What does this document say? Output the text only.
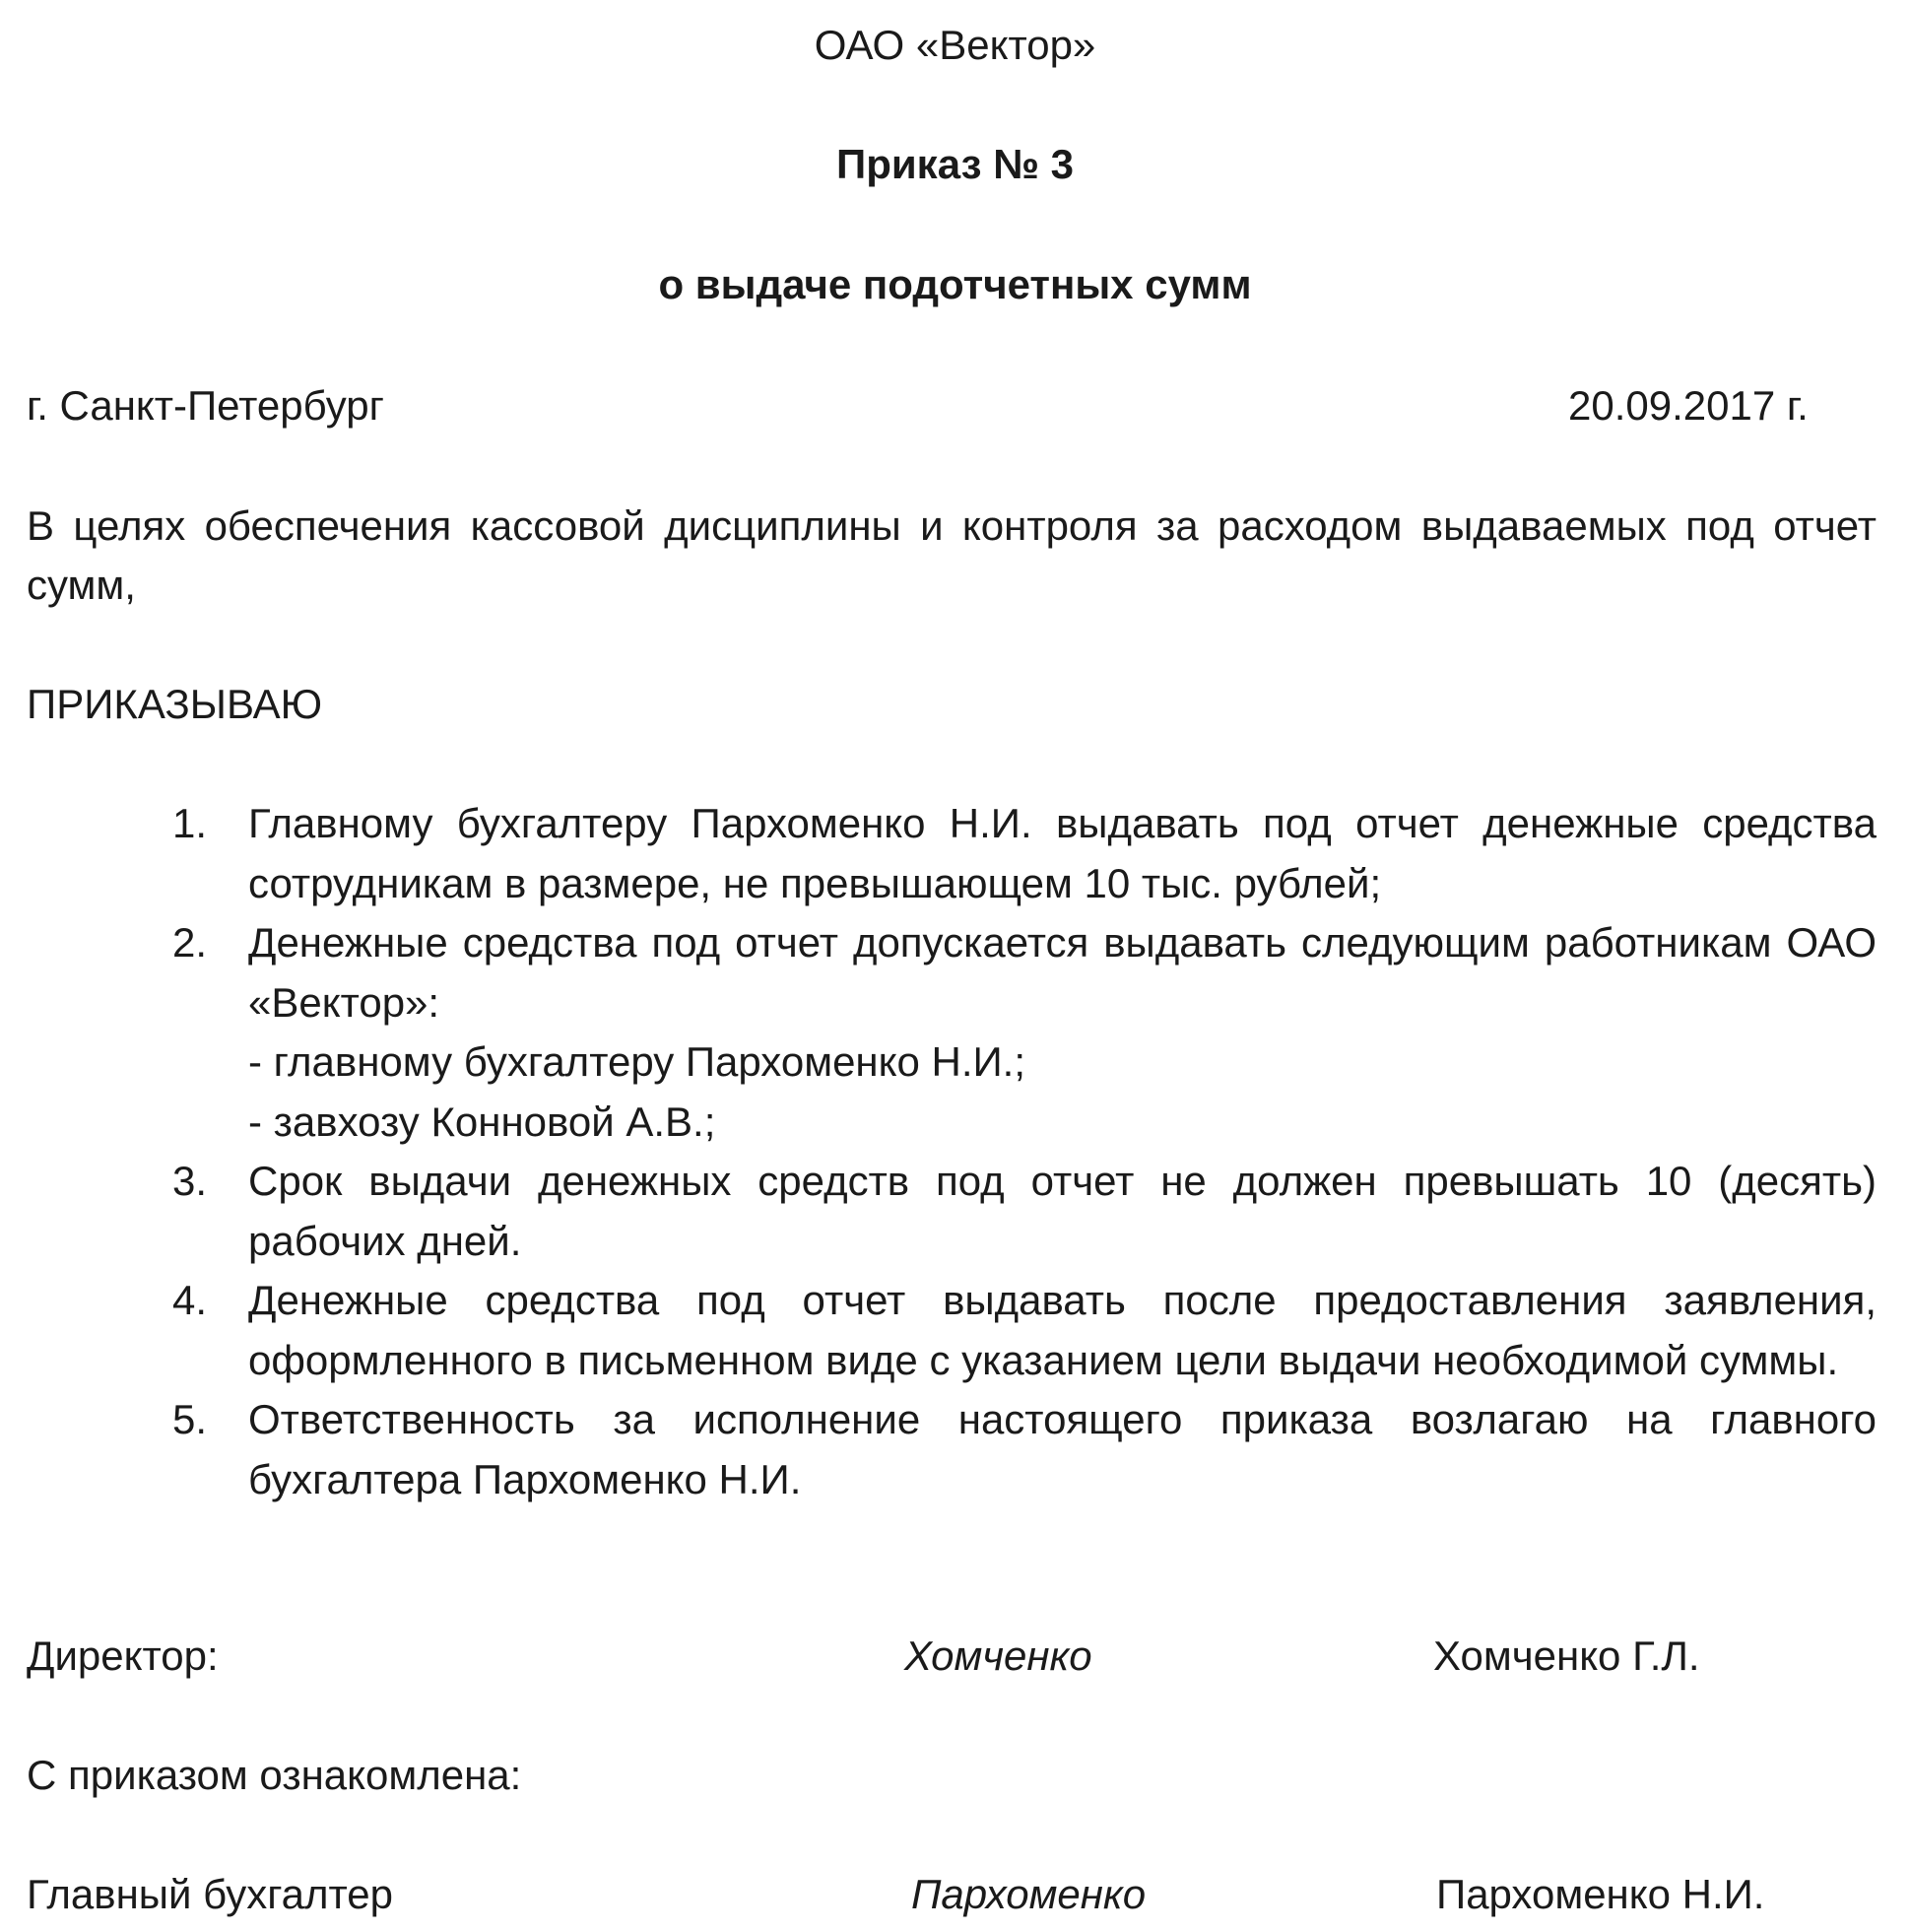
ОАО «Вектор»
Приказ № 3
о выдаче подотчетных сумм
г. Санкт-Петербург	20.09.2017 г.
В целях обеспечения кассовой дисциплины и контроля за расходом выдаваемых под отчет сумм,
ПРИКАЗЫВАЮ
1. Главному бухгалтеру Пархоменко Н.И. выдавать под отчет денежные средства сотрудникам в размере, не превышающем 10 тыс. рублей;
2. Денежные средства под отчет допускается выдавать следующим работникам ОАО «Вектор»:
- главному бухгалтеру Пархоменко Н.И.;
- завхозу Конновой А.В.;
3. Срок выдачи денежных средств под отчет не должен превышать 10 (десять) рабочих дней.
4. Денежные средства под отчет выдавать после предоставления заявления, оформленного в письменном виде с указанием цели выдачи необходимой суммы.
5. Ответственность за исполнение настоящего приказа возлагаю на главного бухгалтера Пархоменко Н.И.
Директор:	Хомченко	Хомченко Г.Л.
С приказом ознакомлена:
Главный бухгалтер	Пархоменко	Пархоменко Н.И.
